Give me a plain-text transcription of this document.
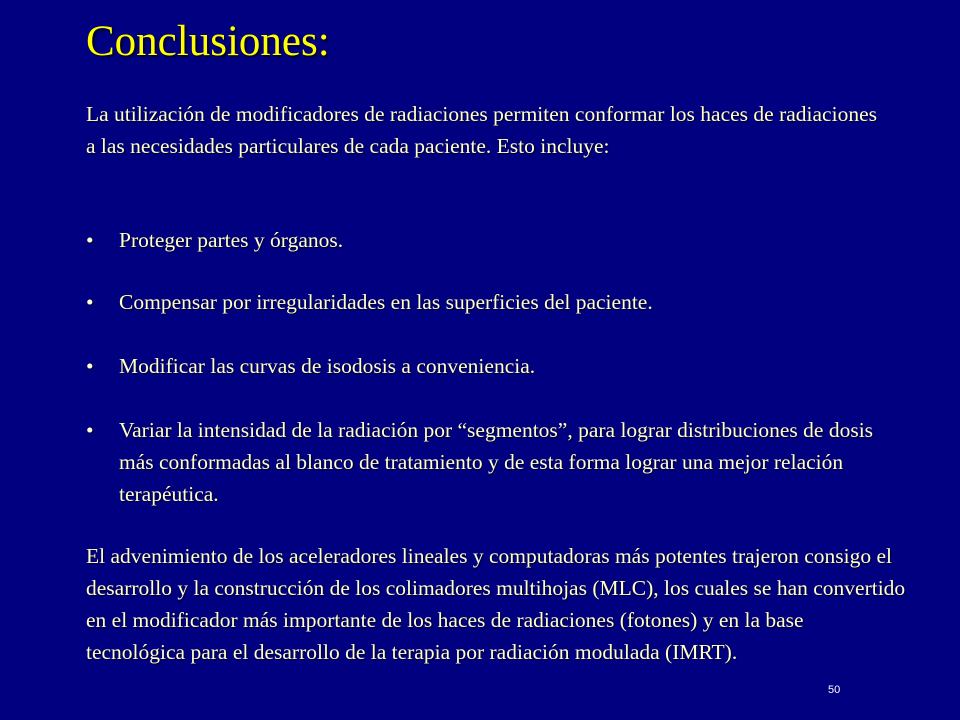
Conclusiones:
La utilización de modificadores de radiaciones permiten conformar los haces de radiaciones a las necesidades particulares de cada paciente. Esto incluye:
•	Proteger partes y órganos.
•	Compensar por irregularidades en las superficies del paciente.
•	Modificar las curvas de isodosis a conveniencia.
•	Variar la intensidad de la radiación por “segmentos”, para lograr distribuciones de dosis más conformadas al blanco de tratamiento y de esta forma lograr una mejor relación terapéutica.
El advenimiento de los aceleradores lineales y computadoras más potentes trajeron consigo el desarrollo y la construcción de los colimadores multihojas (MLC), los cuales se han convertido en el modificador más importante de los haces de radiaciones (fotones) y en la base tecnológica para el desarrollo de la terapia por radiación modulada (IMRT).
50
